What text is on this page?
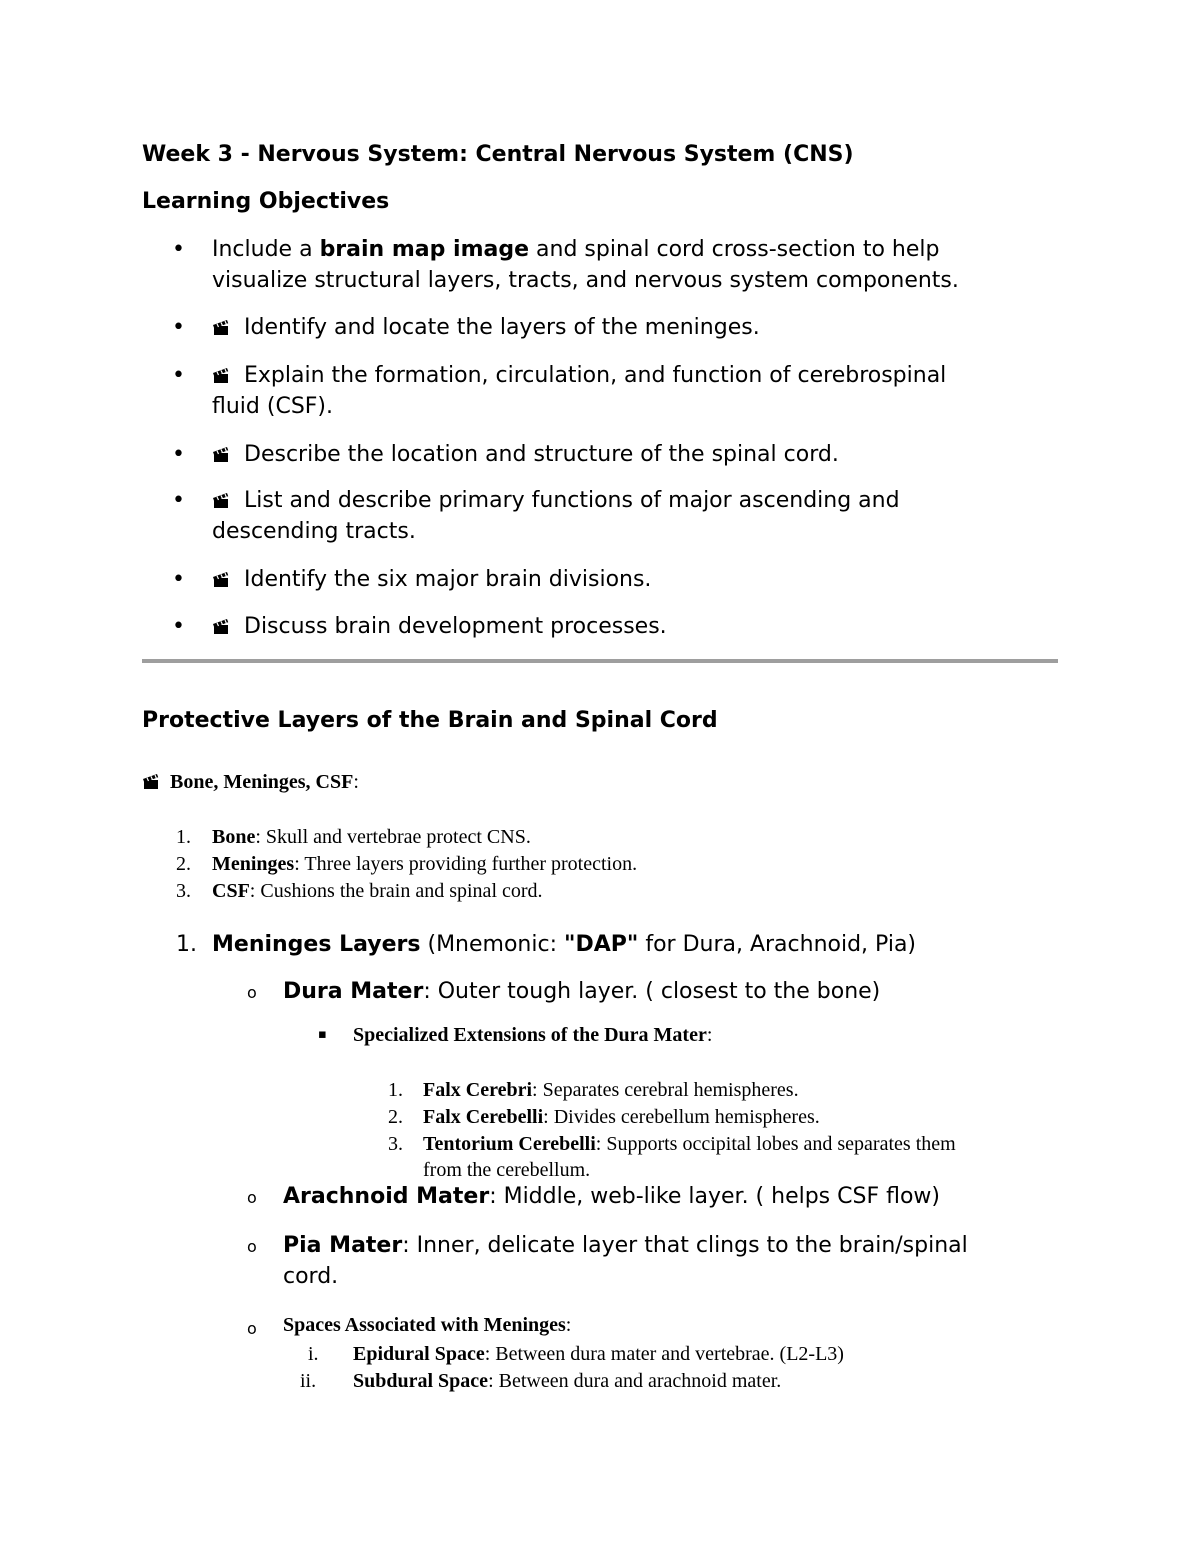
Week 3 - Nervous System: Central Nervous System (CNS)
Learning Objectives
• Include a brain map image and spinal cord cross-section to help
visualize structural layers, tracts, and nervous system components.
•	Identify and locate the layers of the meninges.
•	Explain the formation, circulation, and function of cerebrospinal
fluid (CSF).
•	Describe the location and structure of the spinal cord.
•	List and describe primary functions of major ascending and
descending tracts.
•	Identify the six major brain divisions.
•	Discuss brain development processes.
Protective Layers of the Brain and Spinal Cord
Bone, Meninges, CSF:
1. Bone: Skull and vertebrae protect CNS.
2. Meninges: Three layers providing further protection.
3. CSF: Cushions the brain and spinal cord.
1. Meninges Layers (Mnemonic: "DAP" for Dura, Arachnoid, Pia)
o Dura Mater: Outer tough layer. ( closest to the bone)
▪ Specialized Extensions of the Dura Mater:
1. Falx Cerebri: Separates cerebral hemispheres.
2. Falx Cerebelli: Divides cerebellum hemispheres.
3. Tentorium Cerebelli: Supports occipital lobes and separates them
from the cerebellum.
o Arachnoid Mater: Middle, web-like layer. ( helps CSF flow)
o Pia Mater: Inner, delicate layer that clings to the brain/spinal
cord.
o Spaces Associated with Meninges:
i. Epidural Space: Between dura mater and vertebrae. (L2-L3)
ii. Subdural Space: Between dura and arachnoid mater.
